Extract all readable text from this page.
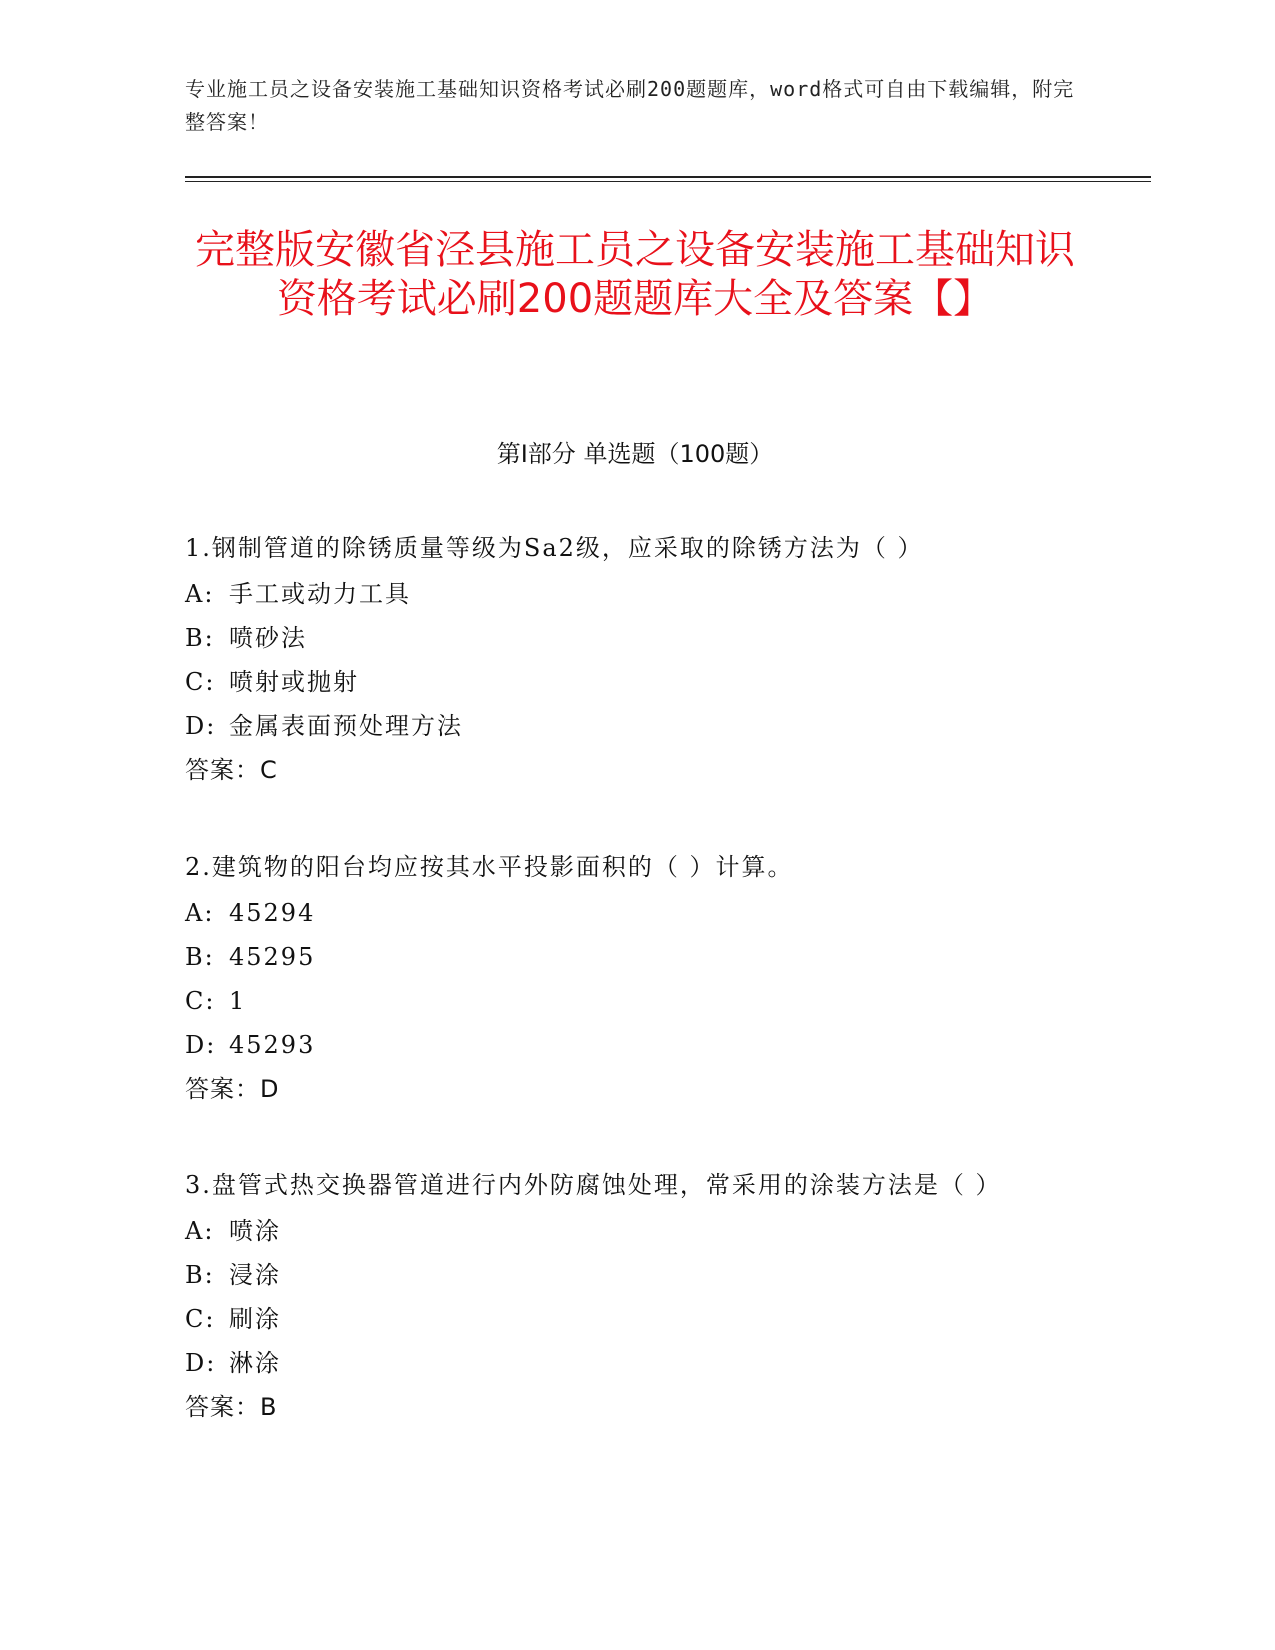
专业施工员之设备安装施工基础知识资格考试必刷200题题库，word格式可自由下载编辑，附完整答案！
完整版安徽省泾县施工员之设备安装施工基础知识资格考试必刷200题题库大全及答案【】
第Ⅰ部分 单选题（100题）
1.钢制管道的除锈质量等级为Sa2级，应采取的除锈方法为（ ）
A: 手工或动力工具
B: 喷砂法
C: 喷射或抛射
D: 金属表面预处理方法
答案：C
2.建筑物的阳台均应按其水平投影面积的（ ）计算。
A: 45294
B: 45295
C: 1
D: 45293
答案：D
3.盘管式热交换器管道进行内外防腐蚀处理，常采用的涂装方法是（ ）
A: 喷涂
B: 浸涂
C: 刷涂
D: 淋涂
答案：B
